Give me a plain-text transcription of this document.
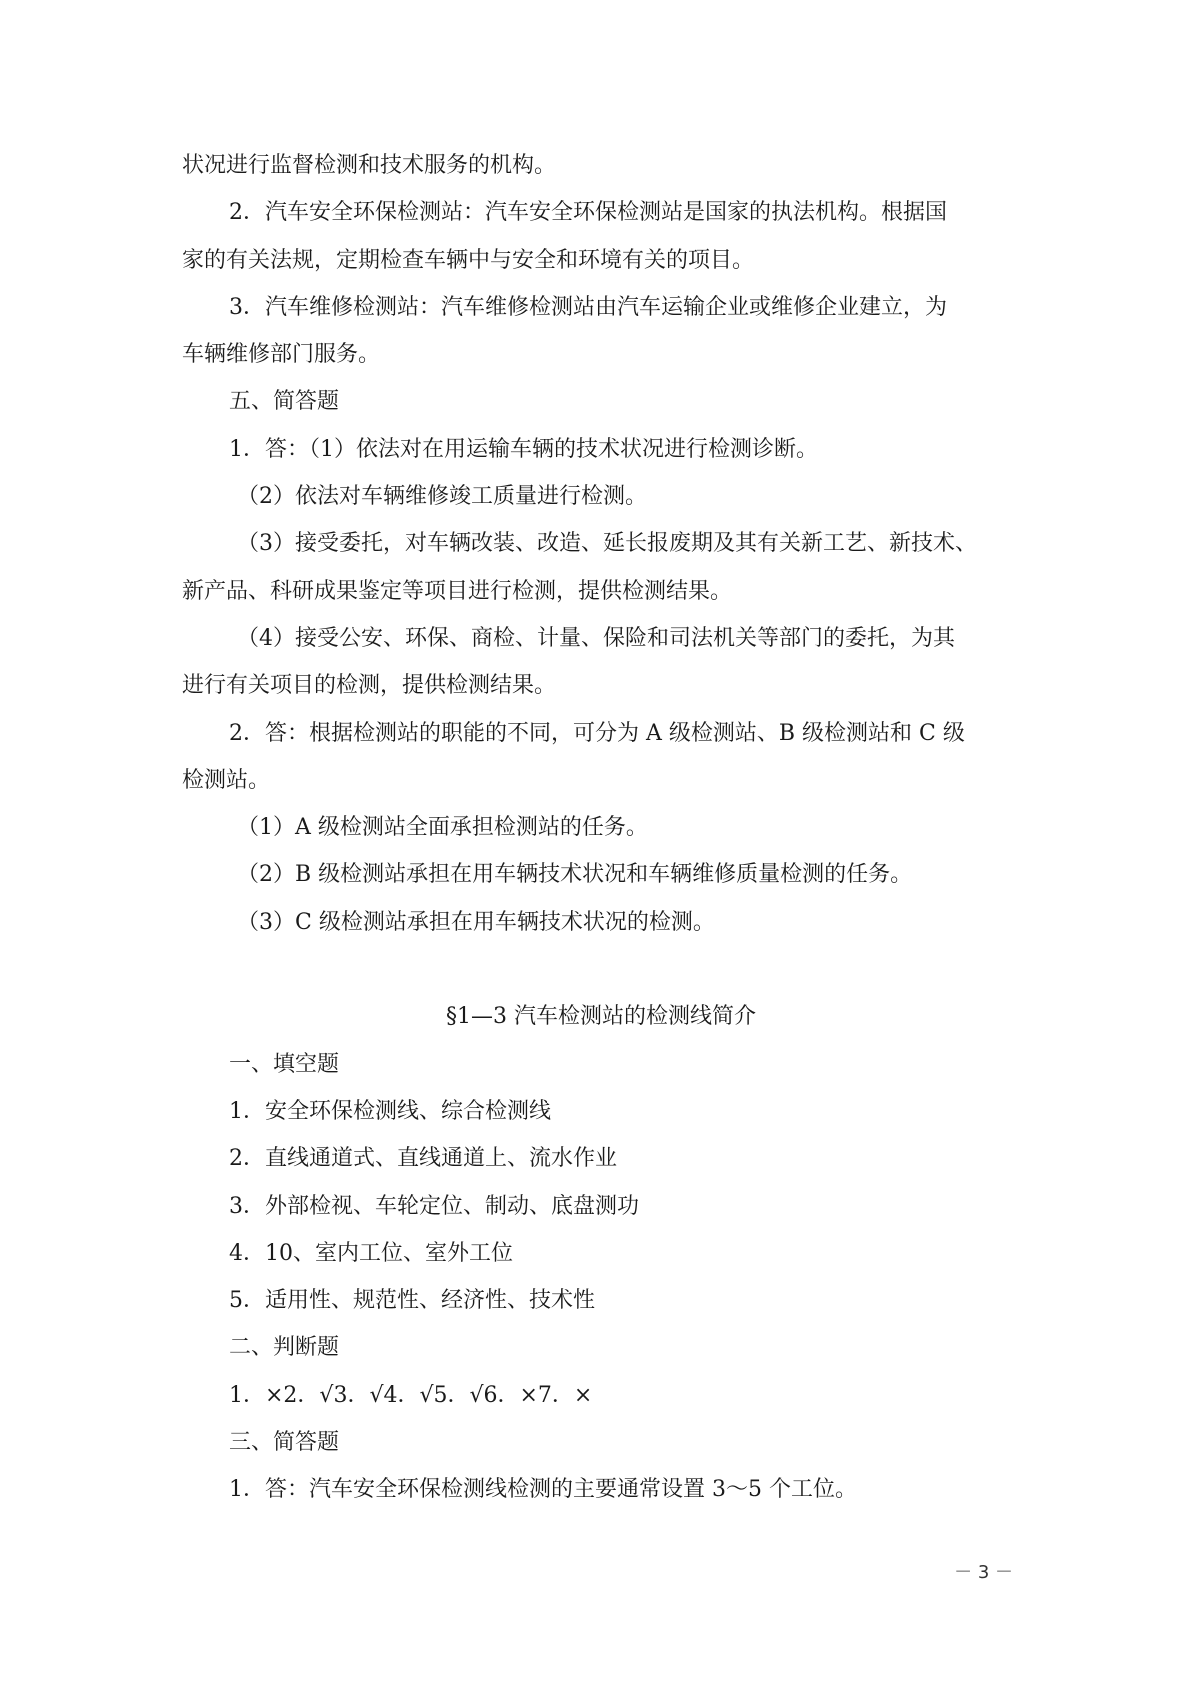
状况进行监督检测和技术服务的机构。
2．汽车安全环保检测站：汽车安全环保检测站是国家的执法机构。根据国
家的有关法规，定期检查车辆中与安全和环境有关的项目。
3．汽车维修检测站：汽车维修检测站由汽车运输企业或维修企业建立，为
车辆维修部门服务。
五、简答题
1．答：（1）依法对在用运输车辆的技术状况进行检测诊断。
（2）依法对车辆维修竣工质量进行检测。
（3）接受委托，对车辆改装、改造、延长报废期及其有关新工艺、新技术、
新产品、科研成果鉴定等项目进行检测，提供检测结果。
（4）接受公安、环保、商检、计量、保险和司法机关等部门的委托，为其
进行有关项目的检测，提供检测结果。
2．答：根据检测站的职能的不同，可分为 A 级检测站、B 级检测站和 C 级
检测站。
（1）A 级检测站全面承担检测站的任务。
（2）B 级检测站承担在用车辆技术状况和车辆维修质量检测的任务。
（3）C 级检测站承担在用车辆技术状况的检测。
§1—3 汽车检测站的检测线简介
一、填空题
1．安全环保检测线、综合检测线
2．直线通道式、直线通道上、流水作业
3．外部检视、车轮定位、制动、底盘测功
4．10、室内工位、室外工位
5．适用性、规范性、经济性、技术性
二、判断题
1．×2．√3．√4．√5．√6．×7．×
三、简答题
1．答：汽车安全环保检测线检测的主要通常设置 3～5 个工位。
－ 3 －
